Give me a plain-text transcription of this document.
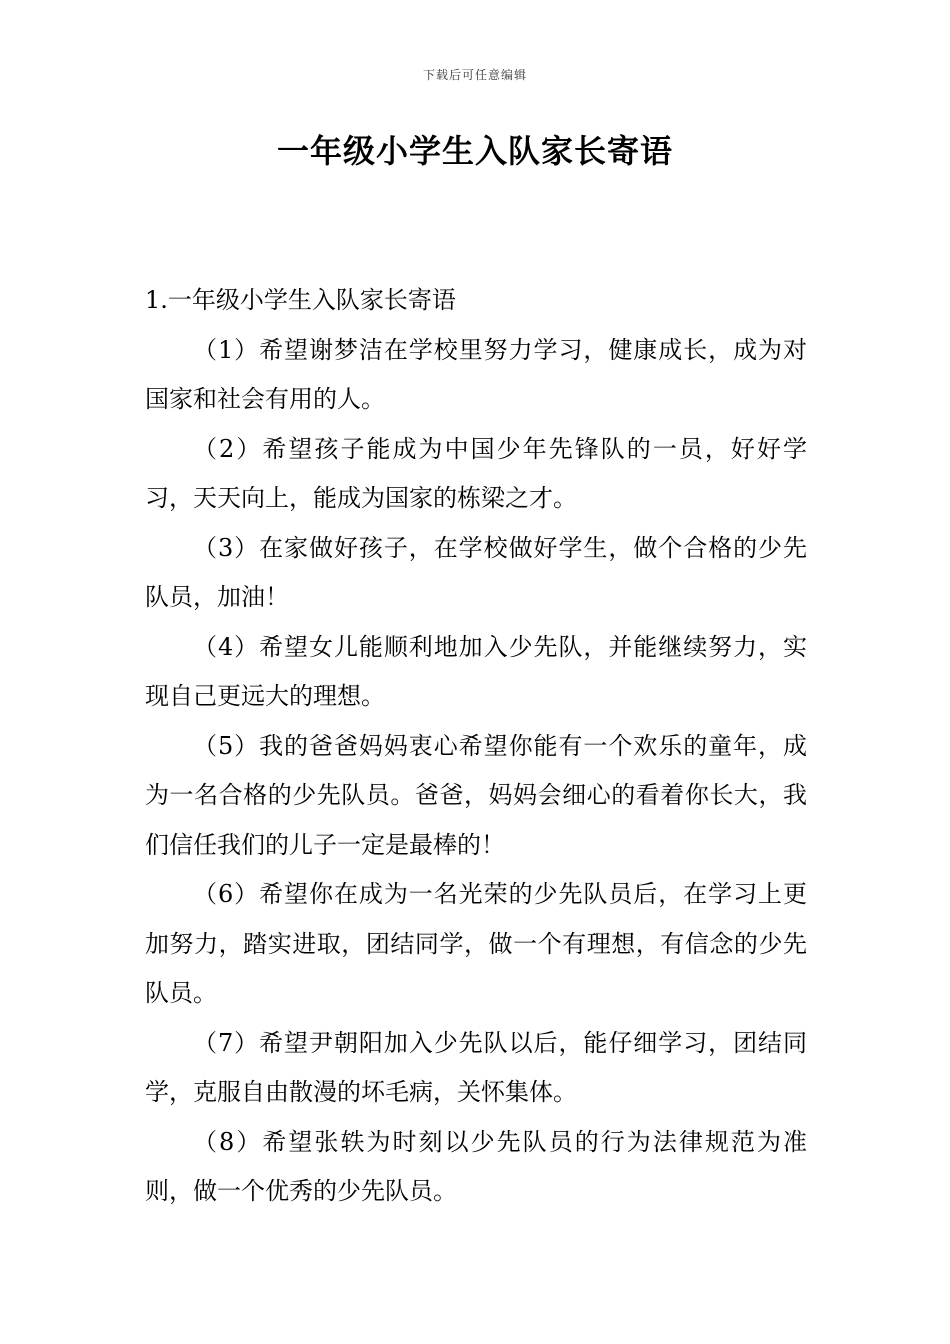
下载后可任意编辑
一年级小学生入队家长寄语

1.一年级小学生入队家长寄语

（1）希望谢梦洁在学校里努力学习，健康成长，成为对国家和社会有用的人。

（2）希望孩子能成为中国少年先锋队的一员，好好学习，天天向上，能成为国家的栋梁之才。

（3）在家做好孩子，在学校做好学生，做个合格的少先队员，加油！

（4）希望女儿能顺利地加入少先队，并能继续努力，实现自己更远大的理想。

（5）我的爸爸妈妈衷心希望你能有一个欢乐的童年，成为一名合格的少先队员。爸爸，妈妈会细心的看着你长大，我们信任我们的儿子一定是最棒的！

（6）希望你在成为一名光荣的少先队员后，在学习上更加努力，踏实进取，团结同学，做一个有理想，有信念的少先队员。

（7）希望尹朝阳加入少先队以后，能仔细学习，团结同学，克服自由散漫的坏毛病，关怀集体。

（8）希望张轶为时刻以少先队员的行为法律规范为准则，做一个优秀的少先队员。
